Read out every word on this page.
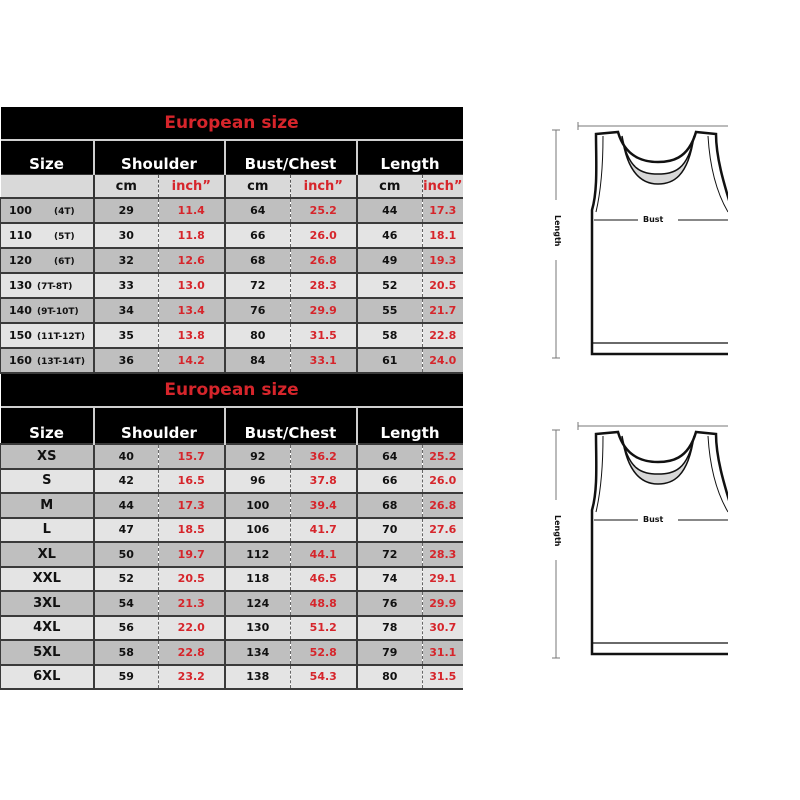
European size						
Size	Shoulder		Bust/Chest		Length	
	cm	inch”	cm	inch”	cm	inch”
100 (4T)	29	11.4	64	25.2	44	17.3
110 (5T)	30	11.8	66	26.0	46	18.1
120 (6T)	32	12.6	68	26.8	49	19.3
130 (7T-8T)	33	13.0	72	28.3	52	20.5
140 (9T-10T)	34	13.4	76	29.9	55	21.7
150 (11T-12T)	35	13.8	80	31.5	58	22.8
160 (13T-14T)	36	14.2	84	33.1	61	24.0
European size						
Size	Shoulder		Bust/Chest		Length	
XS	40	15.7	92	36.2	64	25.2
S	42	16.5	96	37.8	66	26.0
M	44	17.3	100	39.4	68	26.8
L	47	18.5	106	41.7	70	27.6
XL	50	19.7	112	44.1	72	28.3
XXL	52	20.5	118	46.5	74	29.1
3XL	54	21.3	124	48.8	76	29.9
4XL	56	22.0	130	51.2	78	30.7
5XL	58	22.8	134	52.8	79	31.1
6XL	59	23.2	138	54.3	80	31.5
Bust
Length
Bust
Length
